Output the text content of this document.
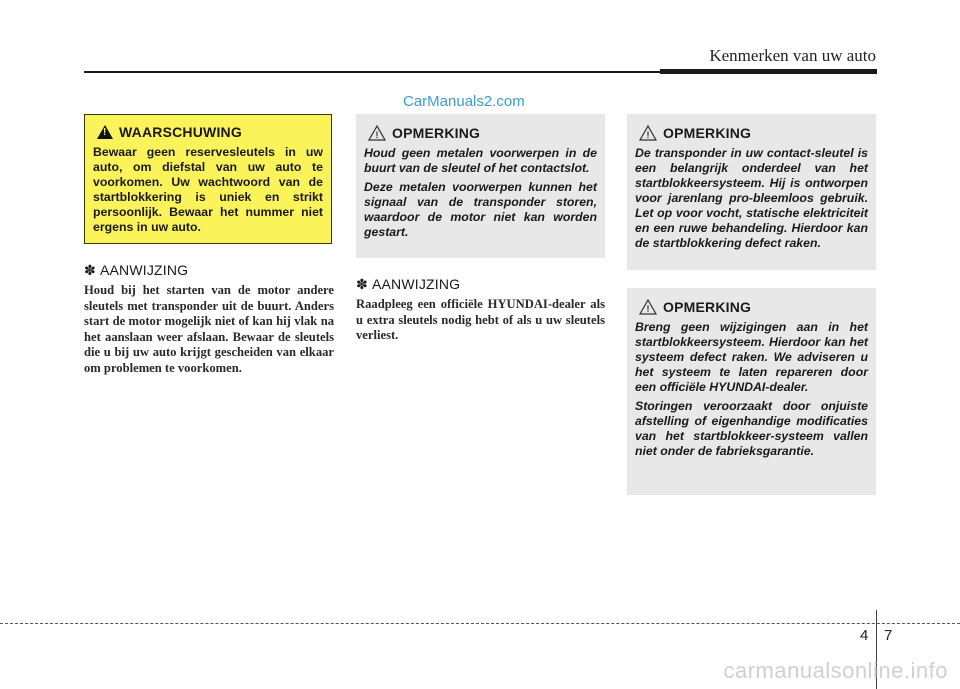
Kenmerken van uw auto
CarManuals2.com
!
WAARSCHUWING
Bewaar geen reservesleutels in uw auto, om diefstal van uw auto te voorkomen. Uw wachtwoord van de startblokkering is uniek en strikt persoonlijk. Bewaar het nummer niet ergens in uw auto.
✽ AANWIJZING
Houd bij het starten van de motor andere sleutels met transponder uit de buurt. Anders start de motor mogelijk niet of kan hij vlak na het aanslaan weer afslaan. Bewaar de sleutels die u bij uw auto krijgt gescheiden van elkaar om problemen te voorkomen.
! OPMERKING

Houd geen metalen voorwerpen in de buurt van de sleutel of het contactslot.

Deze metalen voorwerpen kunnen het signaal van de transponder storen, waardoor de motor niet kan worden gestart.

✽ AANWIJZING
Raadpleeg een officiële HYUNDAI-dealer als u extra sleutels nodig hebt of als u uw sleutels verliest.
! OPMERKING

De transponder in uw contact-sleutel is een belangrijk onderdeel van het startblokkeersysteem. Hij is ontworpen voor jarenlang pro-bleemloos gebruik. Let op voor vocht, statische elektriciteit en een ruwe behandeling. Hierdoor kan de startblokkering defect raken.

! OPMERKING

Breng geen wijzigingen aan in het startblokkeersysteem. Hierdoor kan het systeem defect raken. We adviseren u het systeem te laten repareren door een officiële HYUNDAI-dealer.

Storingen veroorzaakt door onjuiste afstelling of eigenhandige modificaties van het startblokkeer-systeem vallen niet onder de fabrieksgarantie.

4 7
carmanualsonline.info
